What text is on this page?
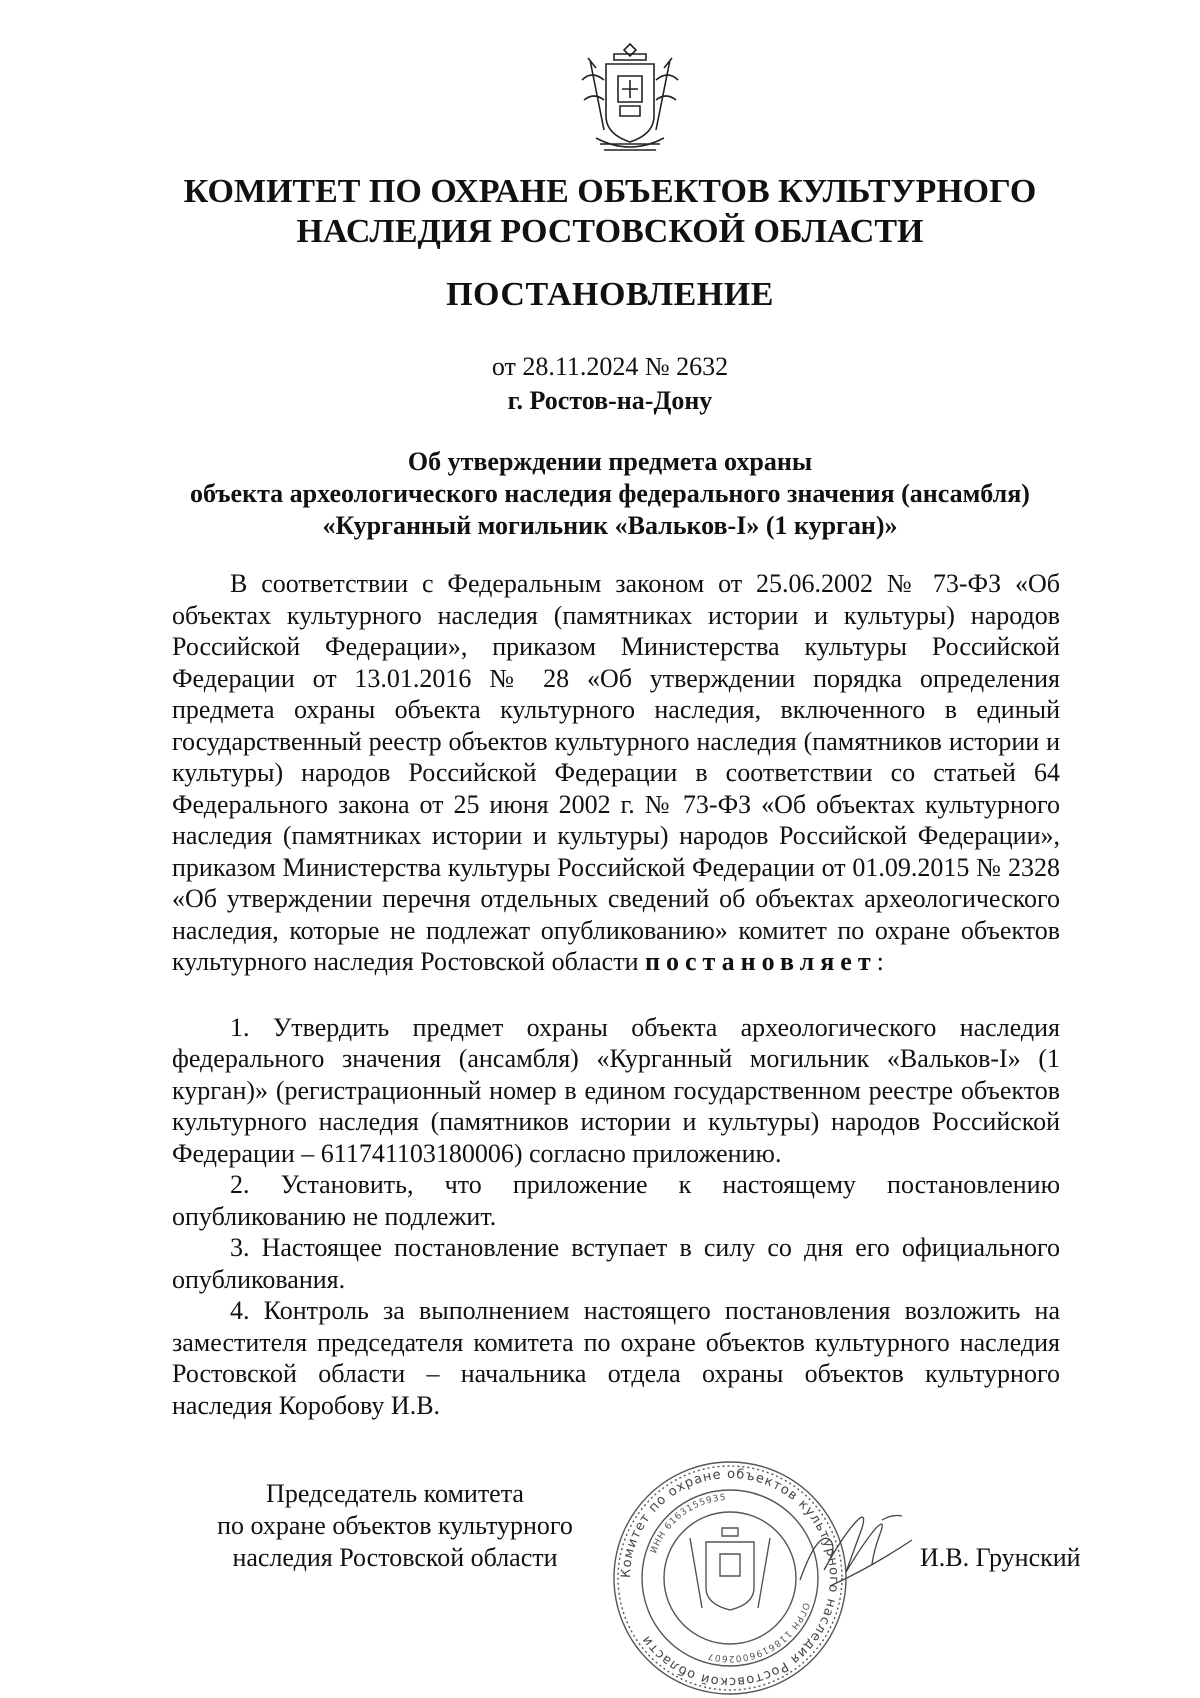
КОМИТЕТ ПО ОХРАНЕ ОБЪЕКТОВ КУЛЬТУРНОГО
НАСЛЕДИЯ РОСТОВСКОЙ ОБЛАСТИ
ПОСТАНОВЛЕНИЕ
от 28.11.2024 № 2632
г. Ростов-на-Дону
Об утверждении предмета охраны
объекта археологического наследия федерального значения (ансамбля)
«Курганный могильник «Вальков-I» (1 курган)»

В соответствии с Федеральным законом от 25.06.2002 № 73-ФЗ «Об объектах культурного наследия (памятниках истории и культуры) народов Российской Федерации», приказом Министерства культуры Российской Федерации от 13.01.2016 № 28 «Об утверждении порядка определения предмета охраны объекта культурного наследия, включенного в единый государственный реестр объектов культурного наследия (памятников истории и культуры) народов Российской Федерации в соответствии со статьей 64 Федерального закона от 25 июня 2002 г. № 73-ФЗ «Об объектах культурного наследия (памятниках истории и культуры) народов Российской Федерации», приказом Министерства культуры Российской Федерации от 01.09.2015 № 2328 «Об утверждении перечня отдельных сведений об объектах археологического наследия, которые не подлежат опубликованию» комитет по охране объектов культурного наследия Ростовской области постановляет:

1. Утвердить предмет охраны объекта археологического наследия федерального значения (ансамбля) «Курганный могильник «Вальков-I» (1 курган)» (регистрационный номер в едином государственном реестре объектов культурного наследия (памятников истории и культуры) народов Российской Федерации – 611741103180006) согласно приложению.

2. Установить, что приложение к настоящему постановлению опубликованию не подлежит.

3. Настоящее постановление вступает в силу со дня его официального опубликования.

4. Контроль за выполнением настоящего постановления возложить на заместителя председателя комитета по охране объектов культурного наследия Ростовской области – начальника отдела охраны объектов культурного наследия Коробову И.В.

Председатель комитета
по охране объектов культурного
наследия Ростовской области
Комитет по охране объектов культурного наследия Ростовской области
ИНН 6163155935
ОГРН 1186196002607
И.В. Грунский
